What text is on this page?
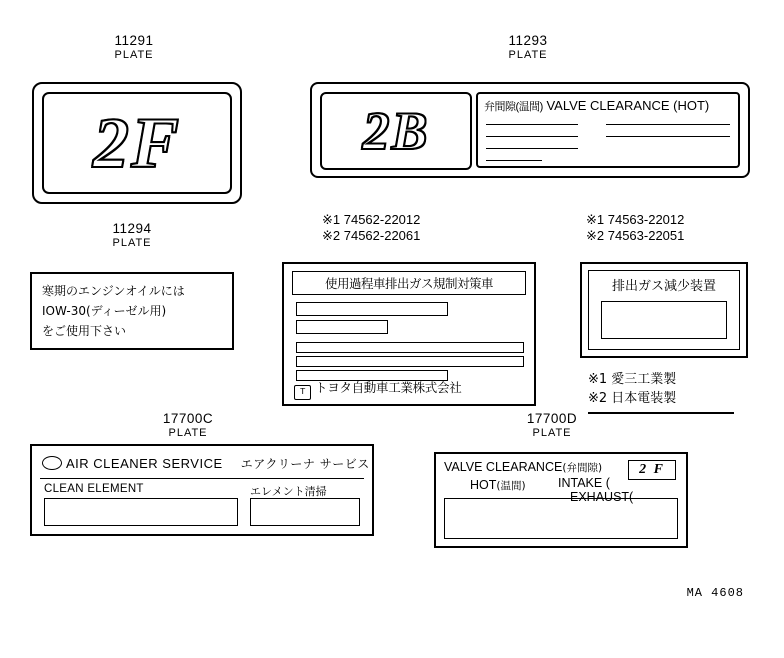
11291
PLATE
2F
11293
PLATE
2B	弁間隙(温間) VALVE CLEARANCE (HOT)
11294
PLATE
寒期のエンジンオイルには
IOW-30(ディーゼル用)
をご使用下さい
※1 74562-22012
※2 74562-22061
使用過程車排出ガス規制対策車
T トヨタ自動車工業株式会社
※1 74563-22012
※2 74563-22051
排出ガス減少装置
※1 愛三工業製
※2 日本電装製
17700C
PLATE
AIR CLEANER SERVICE エアクリーナ サービス
CLEAN ELEMENT	エレメント清掃
17700D
PLATE
VALVE CLEARANCE(弁間隙)
HOT(温間)	INTAKE (
EXHAUST(
2 F
MA 4608
